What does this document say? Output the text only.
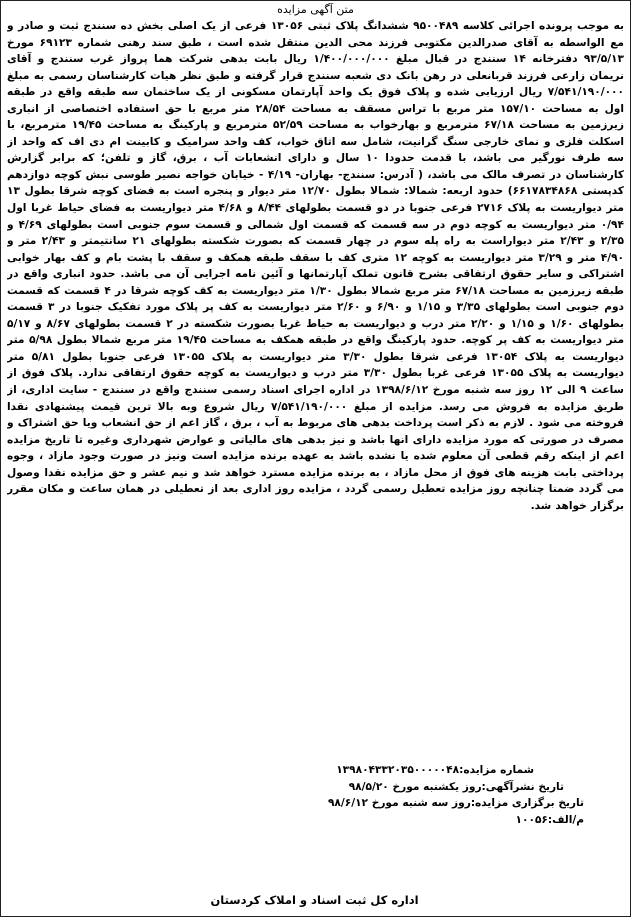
متن آگهی مزایده

به موجب پرونده اجرائی کلاسه ۹۵۰۰۴۸۹ ششدانگ پلاک ثبتی ۱۳۰۵۶ فرعی از یک اصلی بخش ده سنندج ثبت و صادر و مع الواسطه به آقای صدرالدین مکتوبی فرزند محی الدین منتقل شده است ، طبق سند رهنی شماره ۶۹۱۲۳ مورخ ۹۳/۵/۱۳ دفترخانه ۱۴ سنندج در قبال مبلغ ۱/۴۰۰/۰۰۰/۰۰۰ ریال بابت بدهی شرکت هما پرواز غرب سنندج و آقای نریمان زارعی فرزند قربانعلی در رهن بانک دی شعبه سنندج قرار گرفته و طبق نظر هیات کارشناسان رسمی به مبلغ ۷/۵۴۱/۱۹۰/۰۰۰ ریال ارزیابی شده و پلاک فوق یک واحد آپارتمان مسکونی از یک ساختمان سه طبقه واقع در طبقه اول به مساحت ۱۵۷/۱۰ متر مربع با تراس مسقف به مساحت ۲۸/۵۴ متر مربع با حق استفاده اختصاصی از انباری زیرزمین به مساحت ۶۷/۱۸ مترمربع و بهارخواب به مساحت ۵۲/۵۹ مترمربع و پارکینگ به مساحت ۱۹/۴۵ مترمربع، با اسکلت فلزی و نمای خارجی سنگ گرانیت، شامل سه اتاق خواب، کف واحد سرامیک و کابینت ام دی اف که واحد از سه طرف نورگیر می باشد، با قدمت حدودا ۱۰ سال و دارای انشعابات آب ، برق، گاز و تلفن؛ که برابر گزارش کارشناسان در تصرف مالک می باشد، ( آدرس: سنندج- بهاران- ۴/۱۹ - خیابان خواجه نصیر طوسی نبش کوچه دوازدهم کدپستی ۶۶۱۷۸۳۴۸۶۸) حدود اربعه: شمالا: شمالا بطول ۱۲/۷۰ متر دیوار و پنجره است به فضای کوچه شرقا بطول ۱۳ متر دیواریست به پلاک ۲۷۱۶ فرعی جنوبا در دو قسمت بطولهای ۸/۴۴ و ۴/۶۸ متر دیواریست به فضای حیاط غربا اول ۰/۹۴ متر دیواریست به کوچه دوم در سه قسمت که قسمت اول شمالی و قسمت سوم جنوبی است بطولهای ۴/۶۹ و ۲/۳۵ و ۲/۴۳ متر دیواراست به راه پله سوم در چهار قسمت که بصورت شکسته بطولهای ۲۱ سانتیمتر و ۲/۴۳ متر و ۴/۹۰ متر و ۳/۲۹ متر دیواریست به کوچه ۱۲ متری کف با سقف طبقه همکف و سقف با پشت بام و کف بهار خوابی اشتراکی و سایر حقوق ارتفاقی بشرح قانون تملک آپارتمانها و آئین نامه اجرایی آن می باشد. حدود انباری واقع در طبقه زیرزمین به مساحت ۶۷/۱۸ متر مربع شمالا بطول ۱/۳۰ متر دیواریست به کف کوچه شرقا در ۴ قسمت که قسمت دوم جنوبی است بطولهای ۳/۳۵ و ۱/۱۵ و ۶/۹۰ و ۲/۶۰ متر دیواریست به کف پر پلاک مورد تفکیک جنوبا در ۳ قسمت بطولهای ۱/۶۰ و ۱/۱۵ و ۲/۲۰ متر درب و دیواریست به حیاط غربا بصورت شکسته در ۲ قسمت بطولهای ۸/۶۷ و ۵/۱۷ متر دیواریست به کف پر کوچه. حدود پارکینگ واقع در طبقه همکف به مساحت ۱۹/۴۵ متر مربع شمالا بطول ۵/۹۸ متر دیواریست به پلاک ۱۳۰۵۴ فرعی شرقا بطول ۳/۳۰ متر دیواریست به پلاک ۱۳۰۵۵ فرعی جنوبا بطول ۵/۸۱ متر دیواریست به پلاک ۱۳۰۵۵ فرعی غربا بطول ۳/۳۰ متر درب و دیواریست به کوچه حقوق ارتفاقی ندارد. پلاک فوق از ساعت ۹ الی ۱۲ روز سه شنبه مورخ ۱۳۹۸/۶/۱۲ در اداره اجرای اسناد رسمی سنندج واقع در سنندج - سایت اداری، از طریق مزایده به فروش می رسد. مزایده از مبلغ ۷/۵۴۱/۱۹۰/۰۰۰ ریال شروع وبه بالا ترین قیمت پیشنهادی نقدا فروخته می شود . لازم به ذکر است پرداخت بدهی های مربوط به آب ، برق ، گاز اعم از حق انشعاب ویا حق اشتراک و مصرف در صورتی که مورد مزایده دارای انها باشد و نیز بدهی های مالیاتی و عوارض شهرداری وغیره تا تاریخ مزایده اعم از اینکه رقم قطعی آن معلوم شده یا نشده باشد به عهده برنده مزایده است ونیز در صورت وجود مازاد ، وجوه پرداختی بابت هزینه های فوق از محل مازاد ، به برنده مزایده مسترد خواهد شد و نیم عشر و حق مزایده نقدا وصول می گردد ضمنا چنانچه روز مزایده تعطیل رسمی گردد ، مزایده روز اداری بعد از تعطیلی در همان ساعت و مکان مقرر برگزار خواهد شد.

شماره مزایده:۱۳۹۸۰۴۳۳۲۰۳۵۰۰۰۰۰۴۸
تاریخ نشرآگهی:روز یکشنبه مورخ ۹۸/۵/۲۰
تاریخ برگزاری مزایده:روز سه شنبه مورخ ۹۸/۶/۱۲
م/الف:۱۰۰۵۶
اداره کل ثبت اسناد و املاک کردستان
